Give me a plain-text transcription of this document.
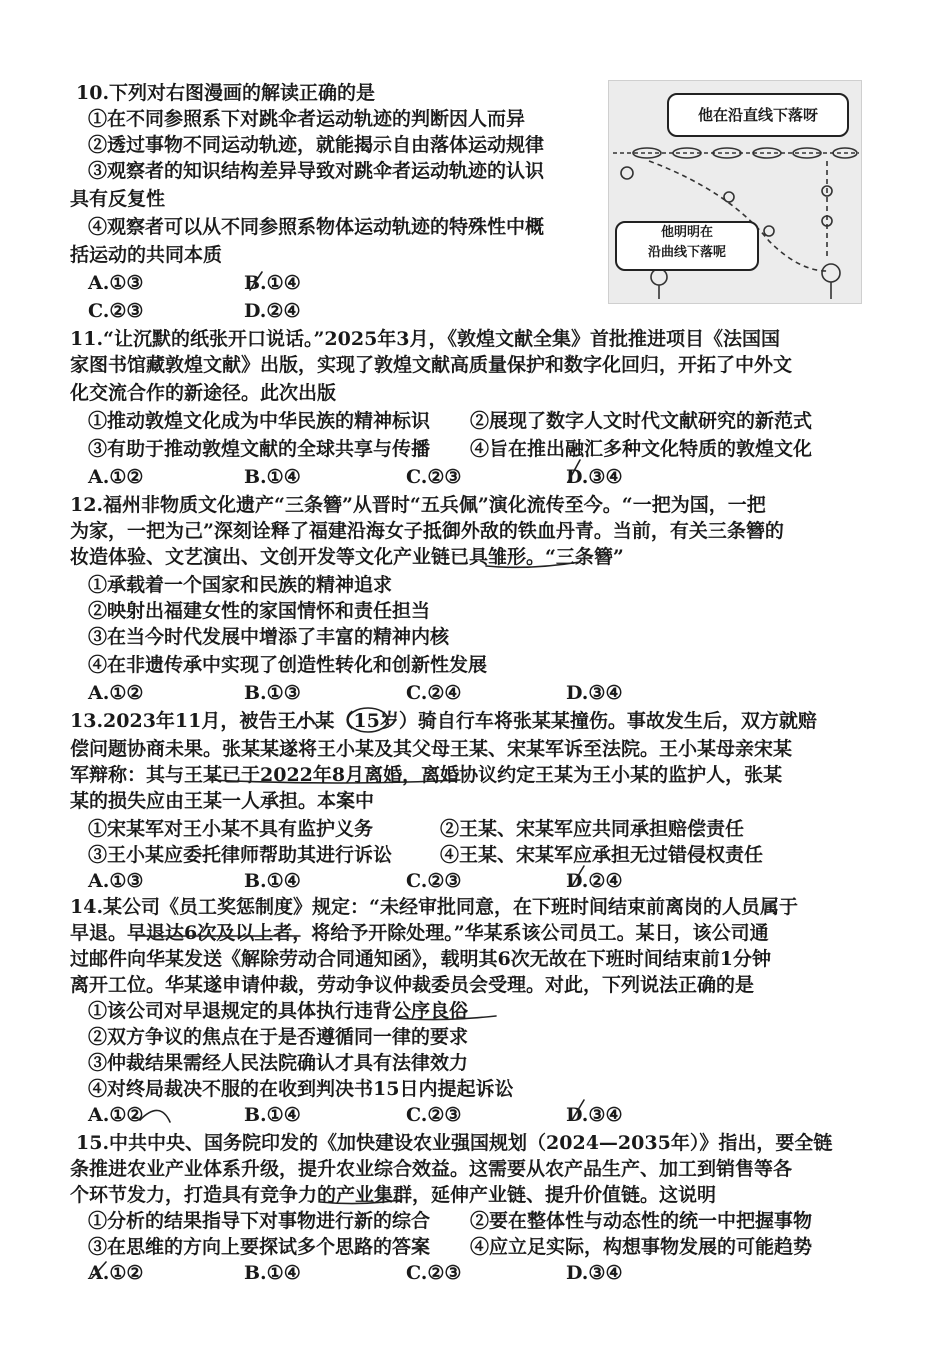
10.下列对右图漫画的解读正确的是
①在不同参照系下对跳伞者运动轨迹的判断因人而异
②透过事物不同运动轨迹，就能揭示自由落体运动规律
③观察者的知识结构差异导致对跳伞者运动轨迹的认识
具有反复性
④观察者可以从不同参照系物体运动轨迹的特殊性中概
括运动的共同本质
A.①③	B.①④
C.②③	D.②④
他在沿直线下落呀
他明明在
沿曲线下落呢
11.“让沉默的纸张开口说话。”2025年3月，《敦煌文献全集》首批推进项目《法国国
家图书馆藏敦煌文献》出版，实现了敦煌文献高质量保护和数字化回归，开拓了中外文
化交流合作的新途径。此次出版
①推动敦煌文化成为中华民族的精神标识 ②展现了数字人文时代文献研究的新范式
③有助于推动敦煌文献的全球共享与传播 ④旨在推出融汇多种文化特质的敦煌文化
A.①②	B.①④	C.②③	D.③④
12.福州非物质文化遗产“三条簪”从晋时“五兵佩”演化流传至今。“一把为国，一把
为家，一把为己”深刻诠释了福建沿海女子抵御外敌的铁血丹青。当前，有关三条簪的
妆造体验、文艺演出、文创开发等文化产业链已具雏形。“三条簪”
①承载着一个国家和民族的精神追求
②映射出福建女性的家国情怀和责任担当
③在当今时代发展中增添了丰富的精神内核
④在非遗传承中实现了创造性转化和创新性发展
A.①②	B.①③	C.②④	D.③④
13.2023年11月，被告王小某（15岁）骑自行车将张某某撞伤。事故发生后，双方就赔
偿问题协商未果。张某某遂将王小某及其父母王某、宋某军诉至法院。王小某母亲宋某
军辩称：其与王某已于2022年8月离婚，离婚协议约定王某为王小某的监护人，张某
某的损失应由王某一人承担。本案中
①宋某军对王小某不具有监护义务	②王某、宋某军应共同承担赔偿责任
③王小某应委托律师帮助其进行诉讼	④王某、宋某军应承担无过错侵权责任
A.①③	B.①④	C.②③	D.②④
14.某公司《员工奖惩制度》规定：“未经审批同意，在下班时间结束前离岗的人员属于
早退。早退达6次及以上者，将给予开除处理。”华某系该公司员工。某日，该公司通
过邮件向华某发送《解除劳动合同通知函》，载明其6次无故在下班时间结束前1分钟
离开工位。华某遂申请仲裁，劳动争议仲裁委员会受理。对此，下列说法正确的是
①该公司对早退规定的具体执行违背公序良俗
②双方争议的焦点在于是否遵循同一律的要求
③仲裁结果需经人民法院确认才具有法律效力
④对终局裁决不服的在收到判决书15日内提起诉讼
A.①②	B.①④	C.②③	D.③④
15.中共中央、国务院印发的《加快建设农业强国规划（2024—2035年）》指出，要全链
条推进农业产业体系升级，提升农业综合效益。这需要从农产品生产、加工到销售等各
个环节发力，打造具有竞争力的产业集群，延伸产业链、提升价值链。这说明
①分析的结果指导下对事物进行新的综合 ②要在整体性与动态性的统一中把握事物
③在思维的方向上要探试多个思路的答案 ④应立足实际，构想事物发展的可能趋势
A.①②	B.①④	C.②③	D.③④
